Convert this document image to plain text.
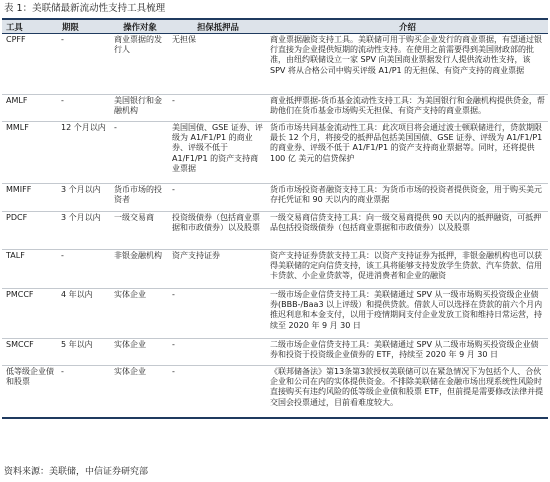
表 1：美联储最新流动性支持工具梳理
工具	期限	操作对象	担保抵押品	介绍
CPFF	-	商业票据的发行人	无担保	商业票据融资支持工具。美联储可用于购买企业发行的商业票据，有望通过银行直接为企业提供短期的流动性支持。在使用之前需要得到美国财政部的批准，由纽约联储设立一家 SPV 向美国商业票据发行人提供流动性支持，该 SPV 将从合格公司中购买评级 A1/P1 的无担保、有资产支持的商业票据
AMLF	-	美国银行和金融机构	-	商业抵押票据-货币基金流动性支持工具：为美国银行和金融机构提供贷金，帮助他们在货币基金市场购买无担保、有资产支持的商业票据。
MMLF	12 个月以内	-	美国国债、GSE 证券、评级为 A1/F1/P1 的商业券、评级不低于 A1/F1/P1 的资产支持商业票据	货币市场共同基金流动性工具：此次项目将会通过波士顿联储进行，贷款期限最长 12 个月，将接受的抵押品包括美国国债、GSE 证券、评级为 A1/F1/P1 的商业券、评级不低于 A1/F1/P1 的资产支持商业票据等。同时，还将提供 100 亿 美元的信贷保护
MMIFF	3 个月以内	货币市场的投资者	-	货币市场投资者融资支持工具：为货币市场的投资者提供资金，用于购买美元存托凭证和 90 天以内的商业票据
PDCF	3 个月以内	一级交易商	投资级债券（包括商业票据和市政债券）以及股票	一级交易商信贷支持工具：向一级交易商提供 90 天以内的抵押融资，可抵押品包括投资级债券（包括商业票据和市政债券）以及股票
TALF	-	非银金融机构	资产支持证券	资产支持证券贷款支持工具：以资产支持证券为抵押，非银金融机构也可以获得美联储的定向信贷支持，该工具将能够支持发放学生贷款、汽车贷款、信用卡贷款、小企业贷款等，促进消费者和企业的融资
PMCCF	4 年以内	实体企业	-	一级市场企业信贷支持工具：美联储通过 SPV 从一级市场购买投资级企业债券(BBB-/Baa3 以上评级）和提供贷款。借款人可以选择在贷款的前六个月内推迟利息和本金支付，以用于疫情期间支付企业发放工资和维持日常运营，持续至 2020 年 9 月 30 日
SMCCF	5 年以内	实体企业	-	二级市场企业信贷支持工具：美联储通过 SPV 从二级市场购买投资级企业债券和投资于投资级企业债券的 ETF，持续至 2020 年 9 月 30 日
低等级企业债和股票	-	实体企业	-	《联邦储备法》第13条第3款授权美联储可以在紧急情况下为包括个人、合伙企业和公司在内的实体提供资金。不排除美联储在金融市场出现系统性风险时直接购买有违约风险的低等级企业债和股票 ETF，但前提是需要修改法律并提交国会投票通过，目前看难度较大。
资料来源：美联储，中信证券研究部
